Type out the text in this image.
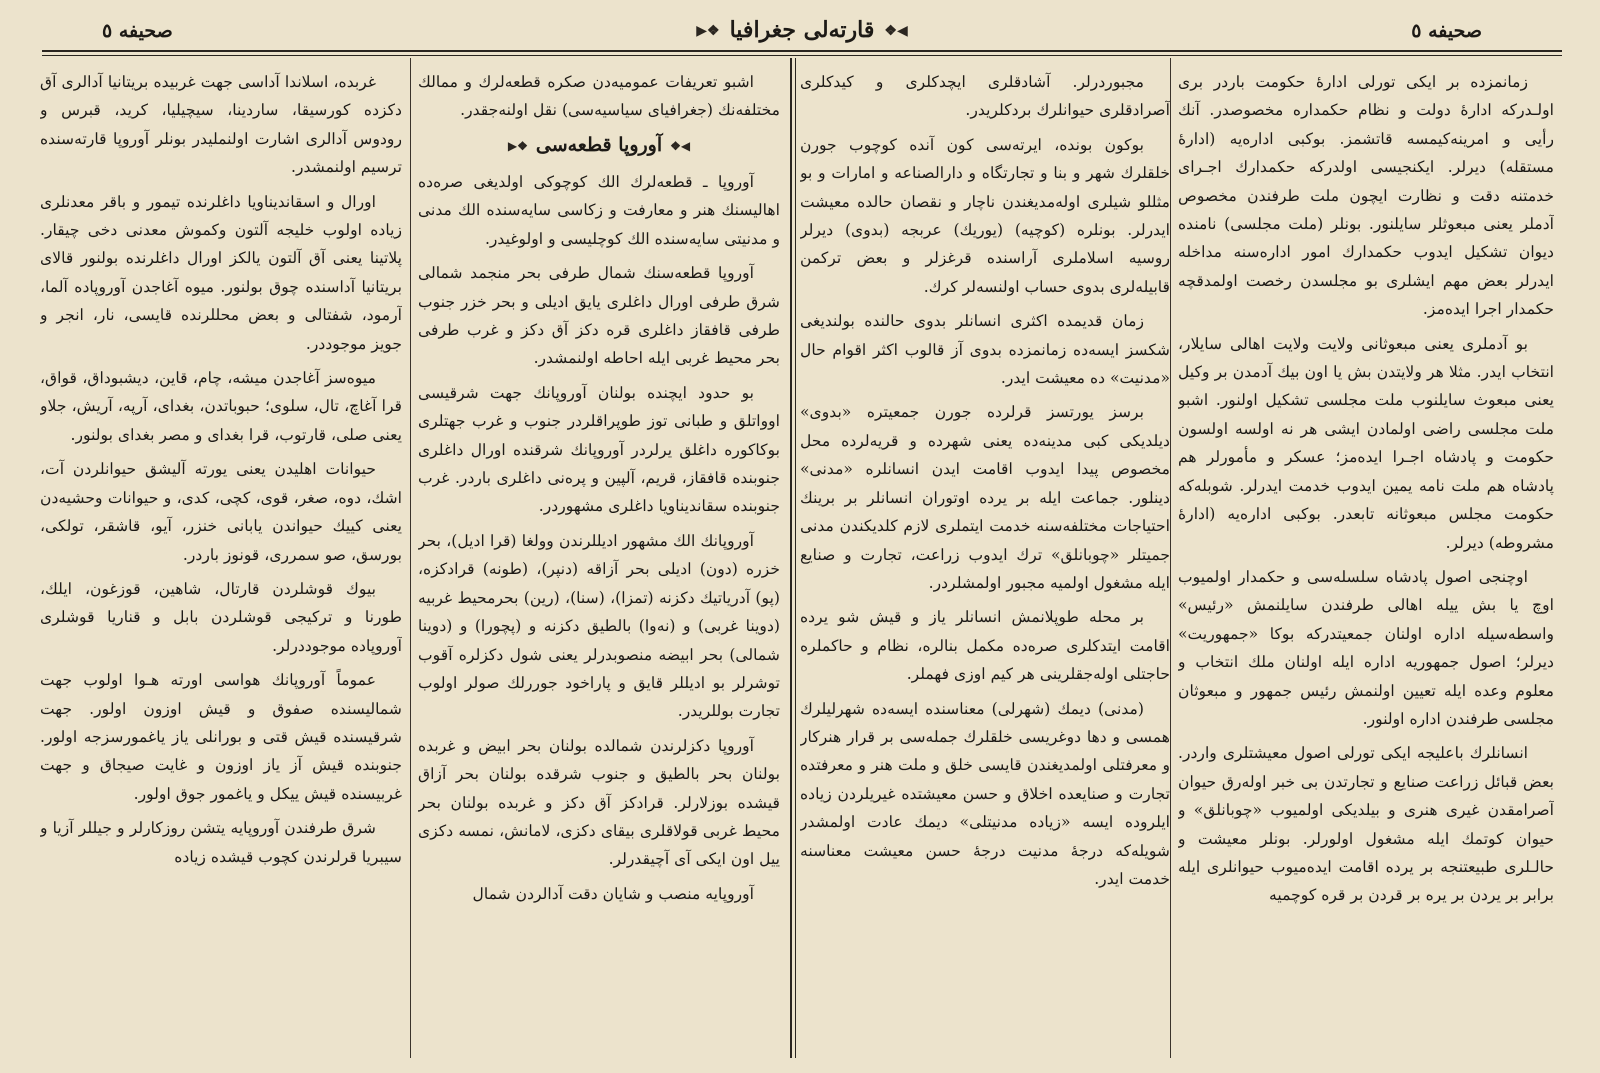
صحیفه ٥
◀❖قارته‌لی جغرافیا❖▶
صحیفه ٥

زمانمزده بر ایکی تورلی ادارهٔ حکومت باردر بری اولـدرکه ادارهٔ دولت و نظام حکمدارە مخصوصدر. آنك رأیی و امرینه‌کیمسه قاتشمز. بوکبی اداره‌یه (ادارهٔ مستقله) دیرلر. ایکنجیسی اولدرکه حکمدارك اجـرای خدمتنه دقت و نظارت ایچون ملت طرفندن مخصوص آدملر یعنی مبعوثلر سایلنور. بونلر (ملت مجلسی) نامنده دیوان تشکیل ایدوب حکمدارك امور اداره‌سنه مداخله ایدرلر بعض مهم ایشلری بو مجلسدن رخصت اولمدقچه حکمدار اجرا ایدەمز.

بو آدملری یعنی مبعوثانی ولایت ولایت اهالی سایلار، انتخاب ایدر. مثلا هر ولایتدن بش یا اون بیك آدمدن بر وکیل یعنی مبعوث سایلنوب ملت مجلسی تشکیل اولنور. اشبو ملت مجلسی راضی اولمادن ایشی هر نه اولسه اولسون حکومت و پادشاه اجـرا ایدەمز؛ عسکر و مأمورلر هم پادشاه هم ملت نامه یمین ایدوب خدمت ایدرلر. شوبله‌که حکومت مجلس مبعوثانه تابعدر. بوکبی اداره‌یه (ادارهٔ مشروطه) دیرلر.

اوچنجی اصول پادشاه سلسله‌سی و حکمدار اولمیوب اوچ یا بش ییله اهالی طرفندن سایلنمش «رئیس» واسطه‌سیله اداره اولنان جمعیتدرکه بوکا «جمهوریت» دیرلر؛ اصول جمهوریه اداره ایله اولنان ملك انتخاب و معلوم وعده ایله تعیین اولنمش رئیس جمهور و مبعوثان مجلسی طرفندن اداره اولنور.

انسانلرك باعلیجه ایکی تورلی اصول معیشتلری واردر. بعض قبائل زراعت صنایع و تجارتدن بی خبر اولەرق حیوان آصرامقدن غیری هنری و بیلدیکی اولمیوب «چوبانلق» و حیوان کوتمك ایله مشغول اولورلر. بونلر معیشت و حالـلری طبیعتنجه بر یرده اقامت ایدەمیوب حیوانلری ایله برابر بر یردن بر یره بر قردن بر قره کوچمیه

مجبوردرلر. آشادقلری ایچدکلری و کیدکلری آصرادقلری حیوانلرك بردکلریدر.

بوکون بونده، ایرته‌سی کون آنده کوچوب جورن خلقلرك شهر و بنا و تجارتگاه و دارالصناعه و امارات و بو مثللو شیلری اولەمدیغندن ناچار و نقصان حالده معیشت ایدرلر. بونلره (کوچیه) (یوریك) عربجه (بدوی) دیرلر روسیه اسلاملری آراسنده قرغزلر و بعض ترکمن قابیله‌لری بدوی حساب اولنسه‌لر کرك.

زمان قدیمده اکثری انسانلر بدوی حالنده بولندیغی شکسز ایسه‌ده زمانمزده بدوی آز قالوب اکثر اقوام حال «مدنیت» ده معیشت ایدر.

برسز یورتسز قرلرده جورن جمعیتره «بدوی» دیلدیکی کبی مدینه‌ده یعنی شهرده و قریه‌لرده محل مخصوص پیدا ایدوب اقامت ایدن انسانلره «مدنی» دینلور. جماعت ایله بر یرده اوتوران انسانلر بر برینك احتیاجات مختلفه‌سنه خدمت ایتملری لازم کلدیکندن مدنی جمیتلر «چوبانلق» ترك ایدوب زراعت، تجارت و صنایع ایله مشغول اولمیه مجبور اولمشلردر.

بر محله طوپلانمش انسانلر یاز و قیش شو یرده اقامت ایتدکلری صره‌ده مکمل بنالره، نظام و حاکملره حاجتلی اوله‌جقلرینی هر کیم اوزی فهملر.

(مدنی) دیمك (شهرلی) معناسنده ایسه‌ده شهرلیلرك همسی و دها دوغریسی خلقلرك جمله‌سی بر قرار هنرکار و معرفتلی اولمدیغندن قایسی خلق و ملت هنر و معرفتده تجارت و صنایعده اخلاق و حسن معیشتده غیریلردن زیاده ایلروده ایسه «زیاده مدنیتلی» دیمك عادت اولمشدر شویله‌که درجهٔ مدنیت درجهٔ حسن معیشت معناسنه خدمت ایدر.

اشبو تعریفات عمومیه‌دن صکره قطعه‌لرك و ممالك مختلفه‌نك (جغرافیای سیاسیه‌سی) نقل اولنه‌جقدر.

◀❖آوروپا قطعه‌سی❖▶

آوروپا ـ قطعه‌لرك الك کوچوکی اولدیغی صره‌ده اهالیسنك هنر و معارفت و زکاسی سایه‌سنده الك مدنی و مدنیتی سایه‌سنده الك کوچلیسی و اولوغیدر.

آوروپا قطعه‌سنك شمال طرفی بحر منجمد شمالی شرق طرفی اورال داغلری یایق ادیلی و بحر خزر جنوب طرفی قافقاز داغلری قره دکز آق دکز و غرب طرفی بحر محیط غربی ایله احاطه اولنمشدر.

بو حدود ایچنده بولنان آوروپانك جهت شرقیسی اوواتلق و طبانی توز طوپراقلردر جنوب و غرب جهتلری بوکاکوره داغلق یرلردر آوروپانك شرقنده اورال داغلری جنوبنده قافقاز، قریم، آلپین و پره‌نی داغلری باردر. غرب جنوبنده سقاندیناویا داغلری مشهوردر.

آوروپانك الك مشهور ادیللرندن وولغا (قرا ادیل)، بحر خزره (دون) ادیلی بحر آزاقه (دنپر)، (طونه) قرادکزه، (پو) آدریاتیك دکزنه (تمزا)، (سنا)، (رین) بحرمحیط غربیه (دوینا غربی) و (نەوا) بالطیق دکزنه و (پچورا) و (دوینا شمالی) بحر ابیضه منصوبدرلر یعنی شول دکزلره آقوب توشرلر بو ادیللر قایق و پاراخود جوررلك صولر اولوب تجارت بوللریدر.

آوروپا دکزلرندن شمالده بولنان بحر ابیض و غربده بولنان بحر بالطیق و جنوب شرقده بولنان بحر آزاق قیشده بوزلارلر. قرادکز آق دکز و غربده بولنان بحر محیط غربی قولاقلری بیقای دکزی، لامانش، نمسه دکزی ییل اون ایکی آی آچیقدرلر.

آوروپایه منصب و شایان دقت آدالردن شمال

غربده، اسلاندا آداسی جهت غربیده بریتانیا آدالری آق دکزده کورسیقا، ساردینا، سیچیلیا، کرید، قبرس و رودوس آدالری اشارت اولنملیدر بونلر آوروپا قارته‌سنده ترسیم اولنمشدر.

اورال و اسقاندیناویا داغلرنده تیمور و باقر معدنلری زیاده اولوب خلیجه آلتون وکموش معدنی دخی چیقار. پلاتینا یعنی آق آلتون یالکز اورال داغلرنده بولنور قالای بریتانیا آداسنده چوق بولنور. میوه آغاجدن آوروپاده آلما، آرمود، شفتالی و بعض محللرنده قایسی، نار، انجر و جویز موجوددر.

میوه‌سز آغاجدن میشه، چام، قاین، دیشبوداق، قواق، قرا آغاچ، تال، سلوی؛ حبوباتدن، بغدای، آرپه، آریش، جلاو یعنی صلی، قارتوب، قرا بغدای و مصر بغدای بولنور.

حیوانات اهلیدن یعنی یورته آلیشق حیوانلردن آت، اشك، دوه، صغر، قوی، کچی، کدی، و حیوانات وحشیه‌دن یعنی کییك حیواندن یابانی خنزر، آیو، قاشقر، تولکی، بورسق، صو سمرری، قونوز باردر.

بیوك قوشلردن قارتال، شاهین، قوزغون، ایلك، طورنا و ترکیجی قوشلردن بابل و قناریا قوشلری آوروپاده موجوددرلر.

عموماً آوروپانك هواسی اورته هـوا اولوب جهت شمالیسنده صفوق و قیش اوزون اولور. جهت شرقیسنده قیش قتی و بورانلی یاز یاغمورسزجه اولور. جنوبنده قیش آز یاز اوزون و غایت صیجاق و جهت غربیسنده قیش ییکل و یاغمور جوق اولور.

شرق طرفندن آوروپایه یتشن روزکارلر و جیللر آزیا و سیبریا قرلرندن کچوب قیشده زیاده
